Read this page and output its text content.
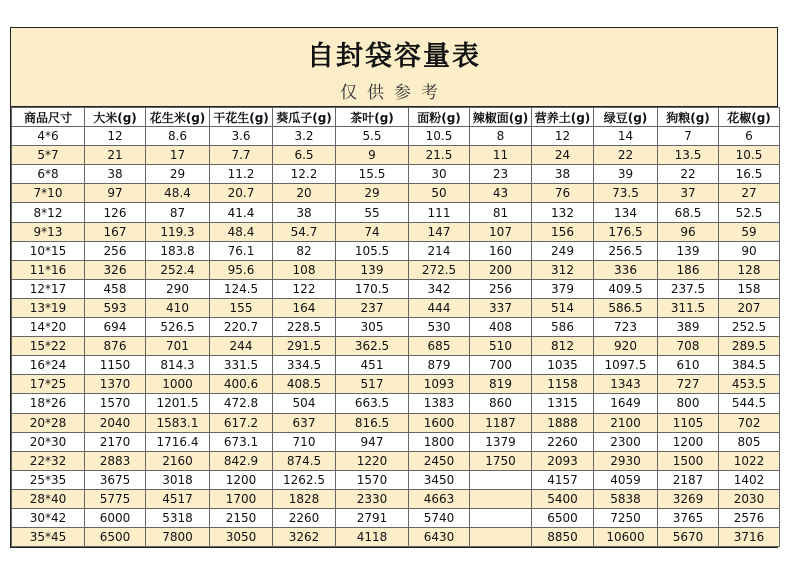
自封袋容量表
仅供参考
商品尺寸	大米(g)	花生米(g)	干花生(g)	葵瓜子(g)	茶叶(g)	面粉(g)	辣椒面(g)	营养土(g)	绿豆(g)	狗粮(g)	花椒(g)
4*6	12	8.6	3.6	3.2	5.5	10.5	8	12	14	7	6
5*7	21	17	7.7	6.5	9	21.5	11	24	22	13.5	10.5
6*8	38	29	11.2	12.2	15.5	30	23	38	39	22	16.5
7*10	97	48.4	20.7	20	29	50	43	76	73.5	37	27
8*12	126	87	41.4	38	55	111	81	132	134	68.5	52.5
9*13	167	119.3	48.4	54.7	74	147	107	156	176.5	96	59
10*15	256	183.8	76.1	82	105.5	214	160	249	256.5	139	90
11*16	326	252.4	95.6	108	139	272.5	200	312	336	186	128
12*17	458	290	124.5	122	170.5	342	256	379	409.5	237.5	158
13*19	593	410	155	164	237	444	337	514	586.5	311.5	207
14*20	694	526.5	220.7	228.5	305	530	408	586	723	389	252.5
15*22	876	701	244	291.5	362.5	685	510	812	920	708	289.5
16*24	1150	814.3	331.5	334.5	451	879	700	1035	1097.5	610	384.5
17*25	1370	1000	400.6	408.5	517	1093	819	1158	1343	727	453.5
18*26	1570	1201.5	472.8	504	663.5	1383	860	1315	1649	800	544.5
20*28	2040	1583.1	617.2	637	816.5	1600	1187	1888	2100	1105	702
20*30	2170	1716.4	673.1	710	947	1800	1379	2260	2300	1200	805
22*32	2883	2160	842.9	874.5	1220	2450	1750	2093	2930	1500	1022
25*35	3675	3018	1200	1262.5	1570	3450		4157	4059	2187	1402
28*40	5775	4517	1700	1828	2330	4663		5400	5838	3269	2030
30*42	6000	5318	2150	2260	2791	5740		6500	7250	3765	2576
35*45	6500	7800	3050	3262	4118	6430		8850	10600	5670	3716
